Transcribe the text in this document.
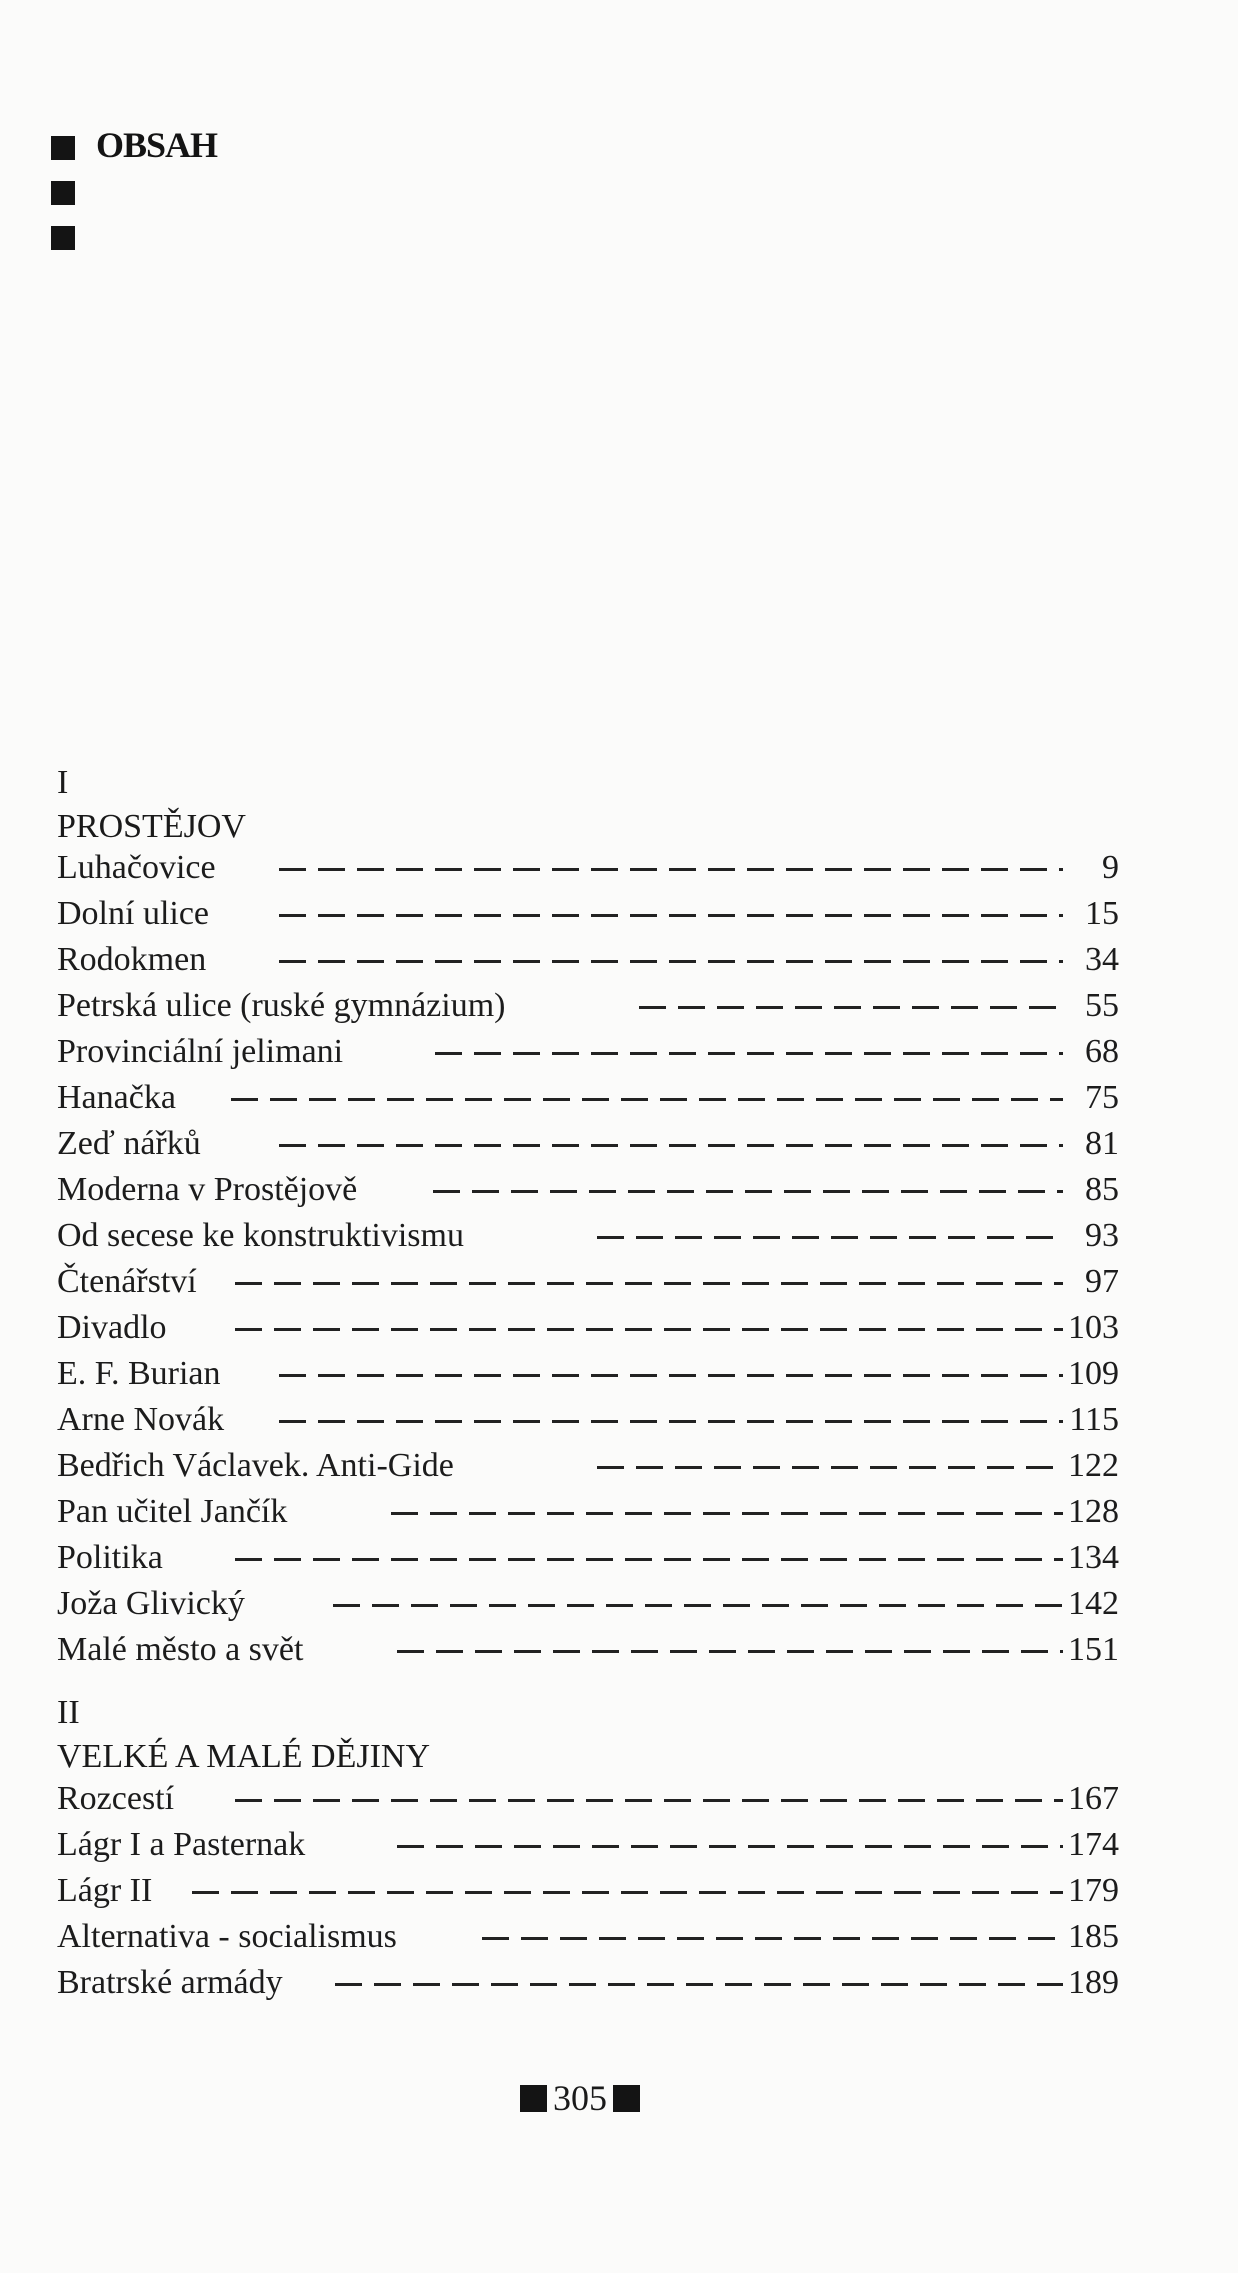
OBSAH
I
PROSTĚJOV
Luhačovice	9
Dolní ulice	15
Rodokmen	34
Petrská ulice (ruské gymnázium)	55
Provinciální jelimani	68
Hanačka	75
Zeď nářků	81
Moderna v Prostějově	85
Od secese ke konstruktivismu	93
Čtenářství	97
Divadlo	103
E. F. Burian	109
Arne Novák	115
Bedřich Václavek. Anti-Gide	122
Pan učitel Jančík	128
Politika	134
Joža Glivický	142
Malé město a svět	151
II
VELKÉ A MALÉ DĚJINY
Rozcestí	167
Lágr I a Pasternak	174
Lágr II	179
Alternativa - socialismus	185
Bratrské armády	189
305
